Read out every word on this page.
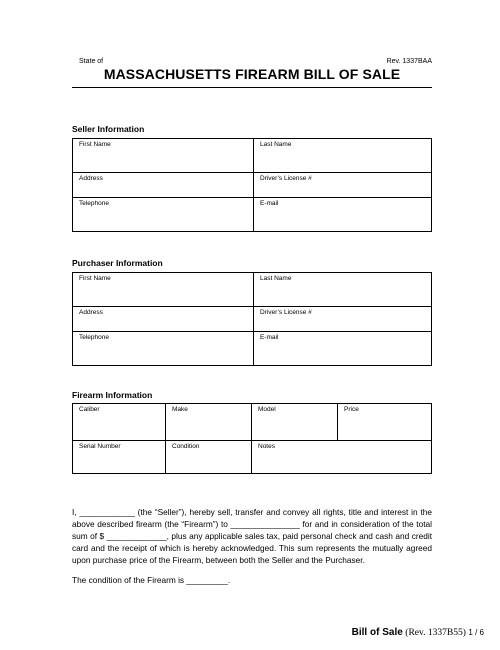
State of	Rev. 1337BAA
MASSACHUSETTS FIREARM BILL OF SALE
Seller Information
First Name	Last Name
Address	Driver’s License #
Telephone	E-mail
Purchaser Information
First Name	Last Name
Address	Driver’s License #
Telephone	E-mail
Firearm Information
Caliber	Make	Model	Price
Serial Number	Condition	Notes
I, ____________ (the “Seller”), hereby sell, transfer and convey all rights, title and interest in the above described firearm (the “Firearm”) to _______________ for and in consideration of the total sum of $ _____________, plus any applicable sales tax, paid personal check and cash and credit card and the receipt of which is hereby acknowledged. This sum represents the mutually agreed upon purchase price of the Firearm, between both the Seller and the Purchaser.
The condition of the Firearm is _________.
Bill of Sale (Rev. 1337B55) 1 / 6
